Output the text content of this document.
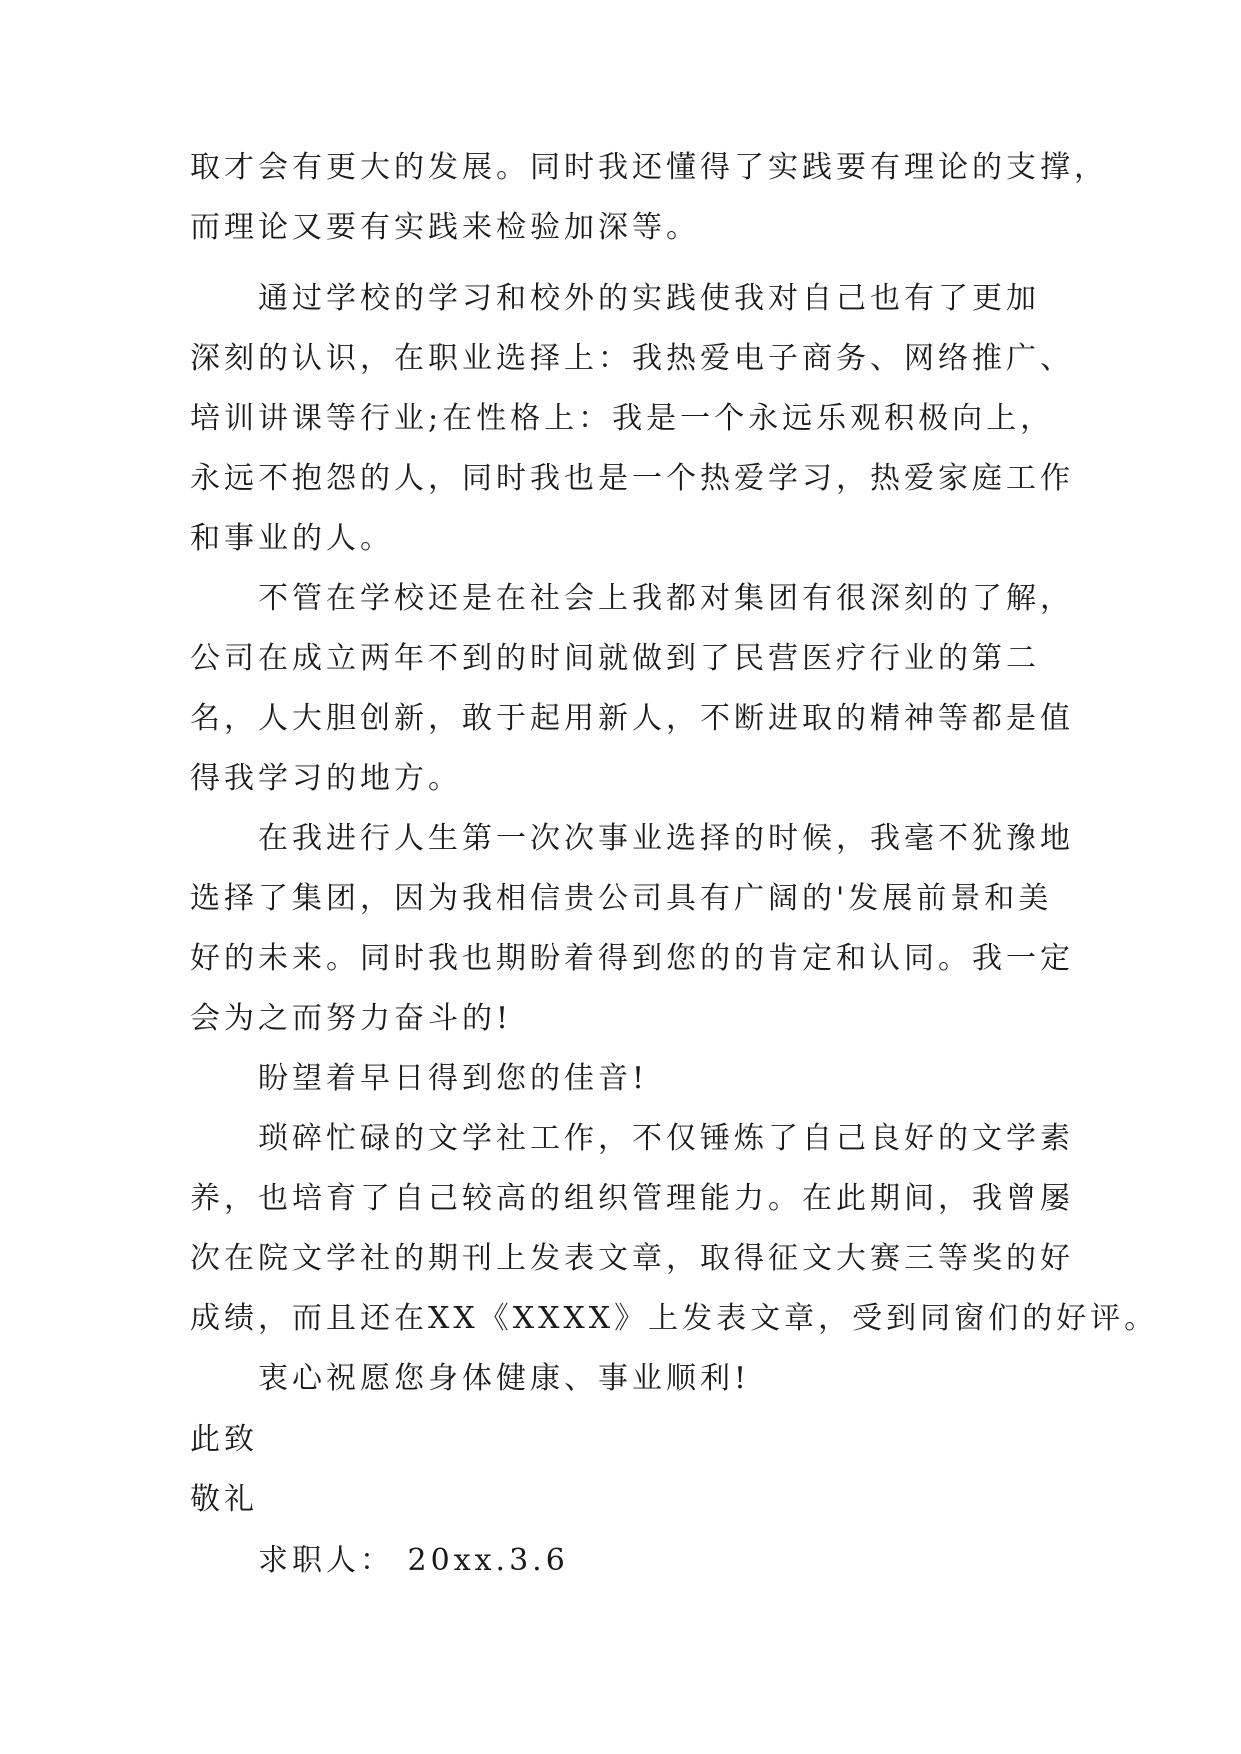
取才会有更大的发展。同时我还懂得了实践要有理论的支撑，
而理论又要有实践来检验加深等。
通过学校的学习和校外的实践使我对自己也有了更加
深刻的认识，在职业选择上：我热爱电子商务、网络推广、
培训讲课等行业;在性格上：我是一个永远乐观积极向上，
永远不抱怨的人，同时我也是一个热爱学习，热爱家庭工作
和事业的人。
不管在学校还是在社会上我都对集团有很深刻的了解，
公司在成立两年不到的时间就做到了民营医疗行业的第二
名，人大胆创新，敢于起用新人，不断进取的精神等都是值
得我学习的地方。
在我进行人生第一次次事业选择的时候，我毫不犹豫地
选择了集团，因为我相信贵公司具有广阔的'发展前景和美
好的未来。同时我也期盼着得到您的的肯定和认同。我一定
会为之而努力奋斗的!
盼望着早日得到您的佳音!
琐碎忙碌的文学社工作，不仅锤炼了自己良好的文学素
养，也培育了自己较高的组织管理能力。在此期间，我曾屡
次在院文学社的期刊上发表文章，取得征文大赛三等奖的好
成绩，而且还在XX《XXXX》上发表文章，受到同窗们的好评。
衷心祝愿您身体健康、事业顺利!
此致
敬礼
求职人： 20xx.3.6
